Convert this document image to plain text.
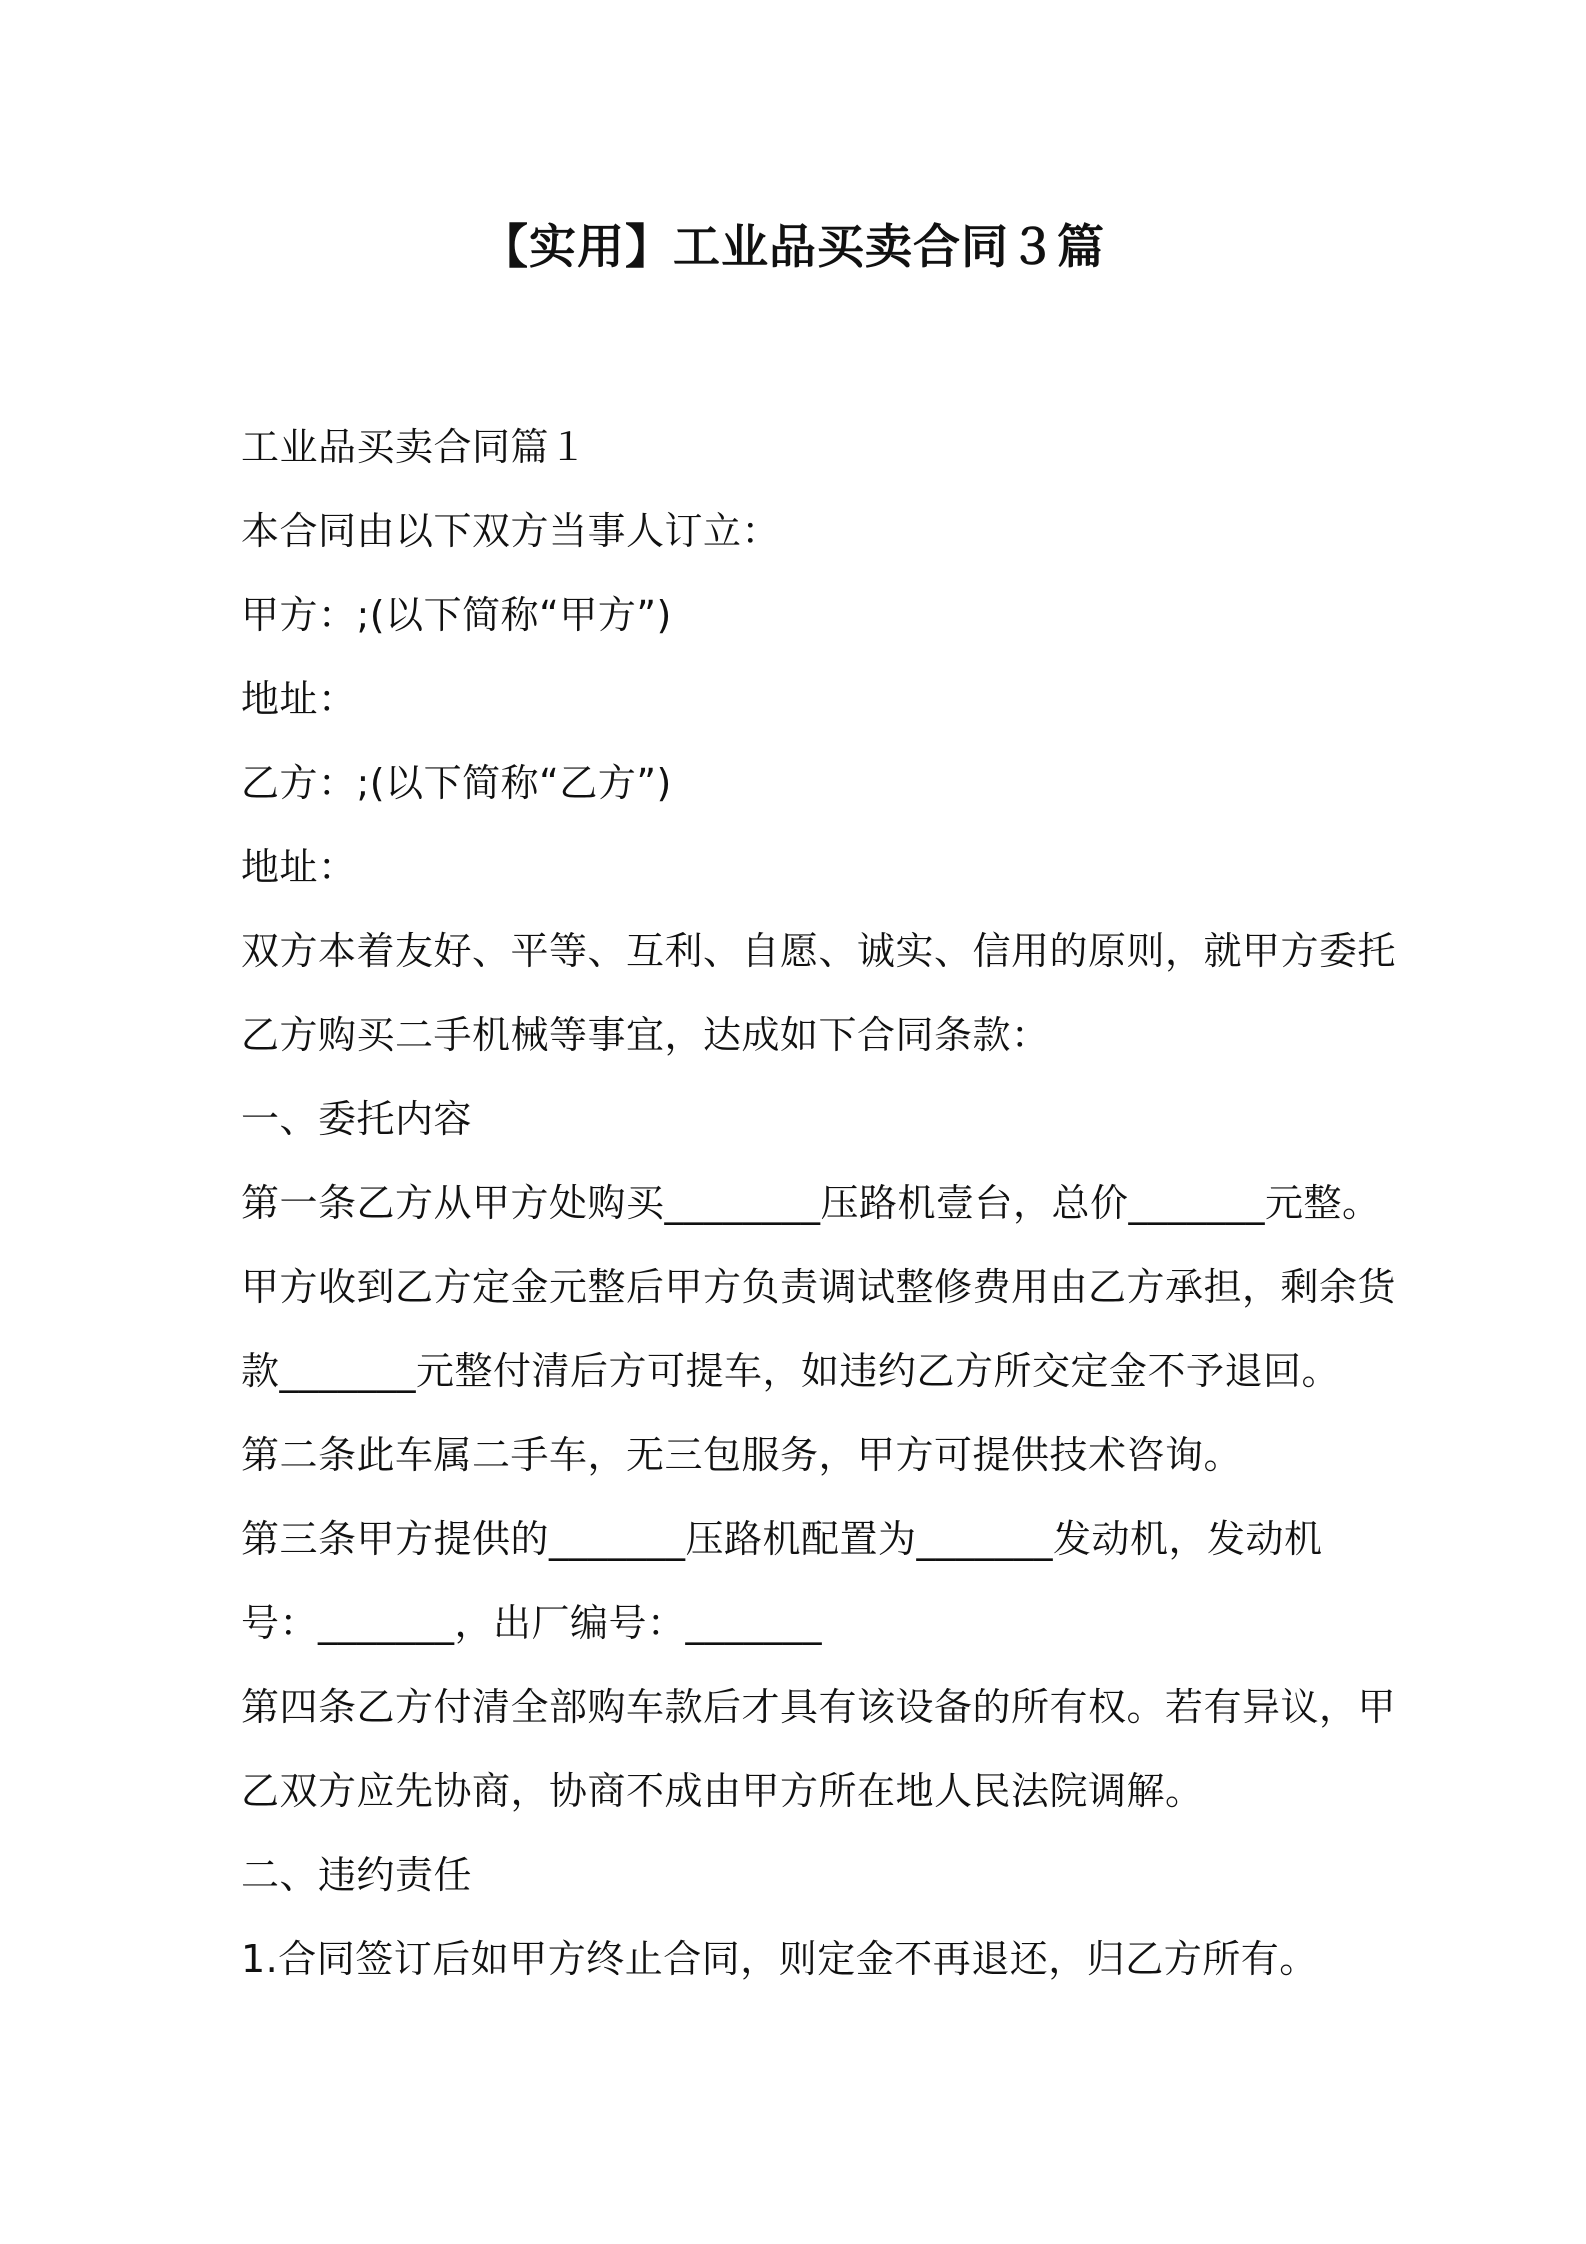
【实用】工业品买卖合同３篇
工业品买卖合同篇１
本合同由以下双方当事人订立：
甲方：;(以下简称“甲方”)
地址：
乙方：;(以下简称“乙方”)
地址：
双方本着友好、平等、互利、自愿、诚实、信用的原则，就甲方委托
乙方购买二手机械等事宜，达成如下合同条款：
一、委托内容
第一条乙方从甲方处购买________压路机壹台，总价_______元整。
甲方收到乙方定金元整后甲方负责调试整修费用由乙方承担，剩余货
款_______元整付清后方可提车，如违约乙方所交定金不予退回。
第二条此车属二手车，无三包服务，甲方可提供技术咨询。
第三条甲方提供的_______压路机配置为_______发动机，发动机
号：_______，出厂编号：_______
第四条乙方付清全部购车款后才具有该设备的所有权。若有异议，甲
乙双方应先协商，协商不成由甲方所在地人民法院调解。
二、违约责任
1.合同签订后如甲方终止合同，则定金不再退还，归乙方所有。
